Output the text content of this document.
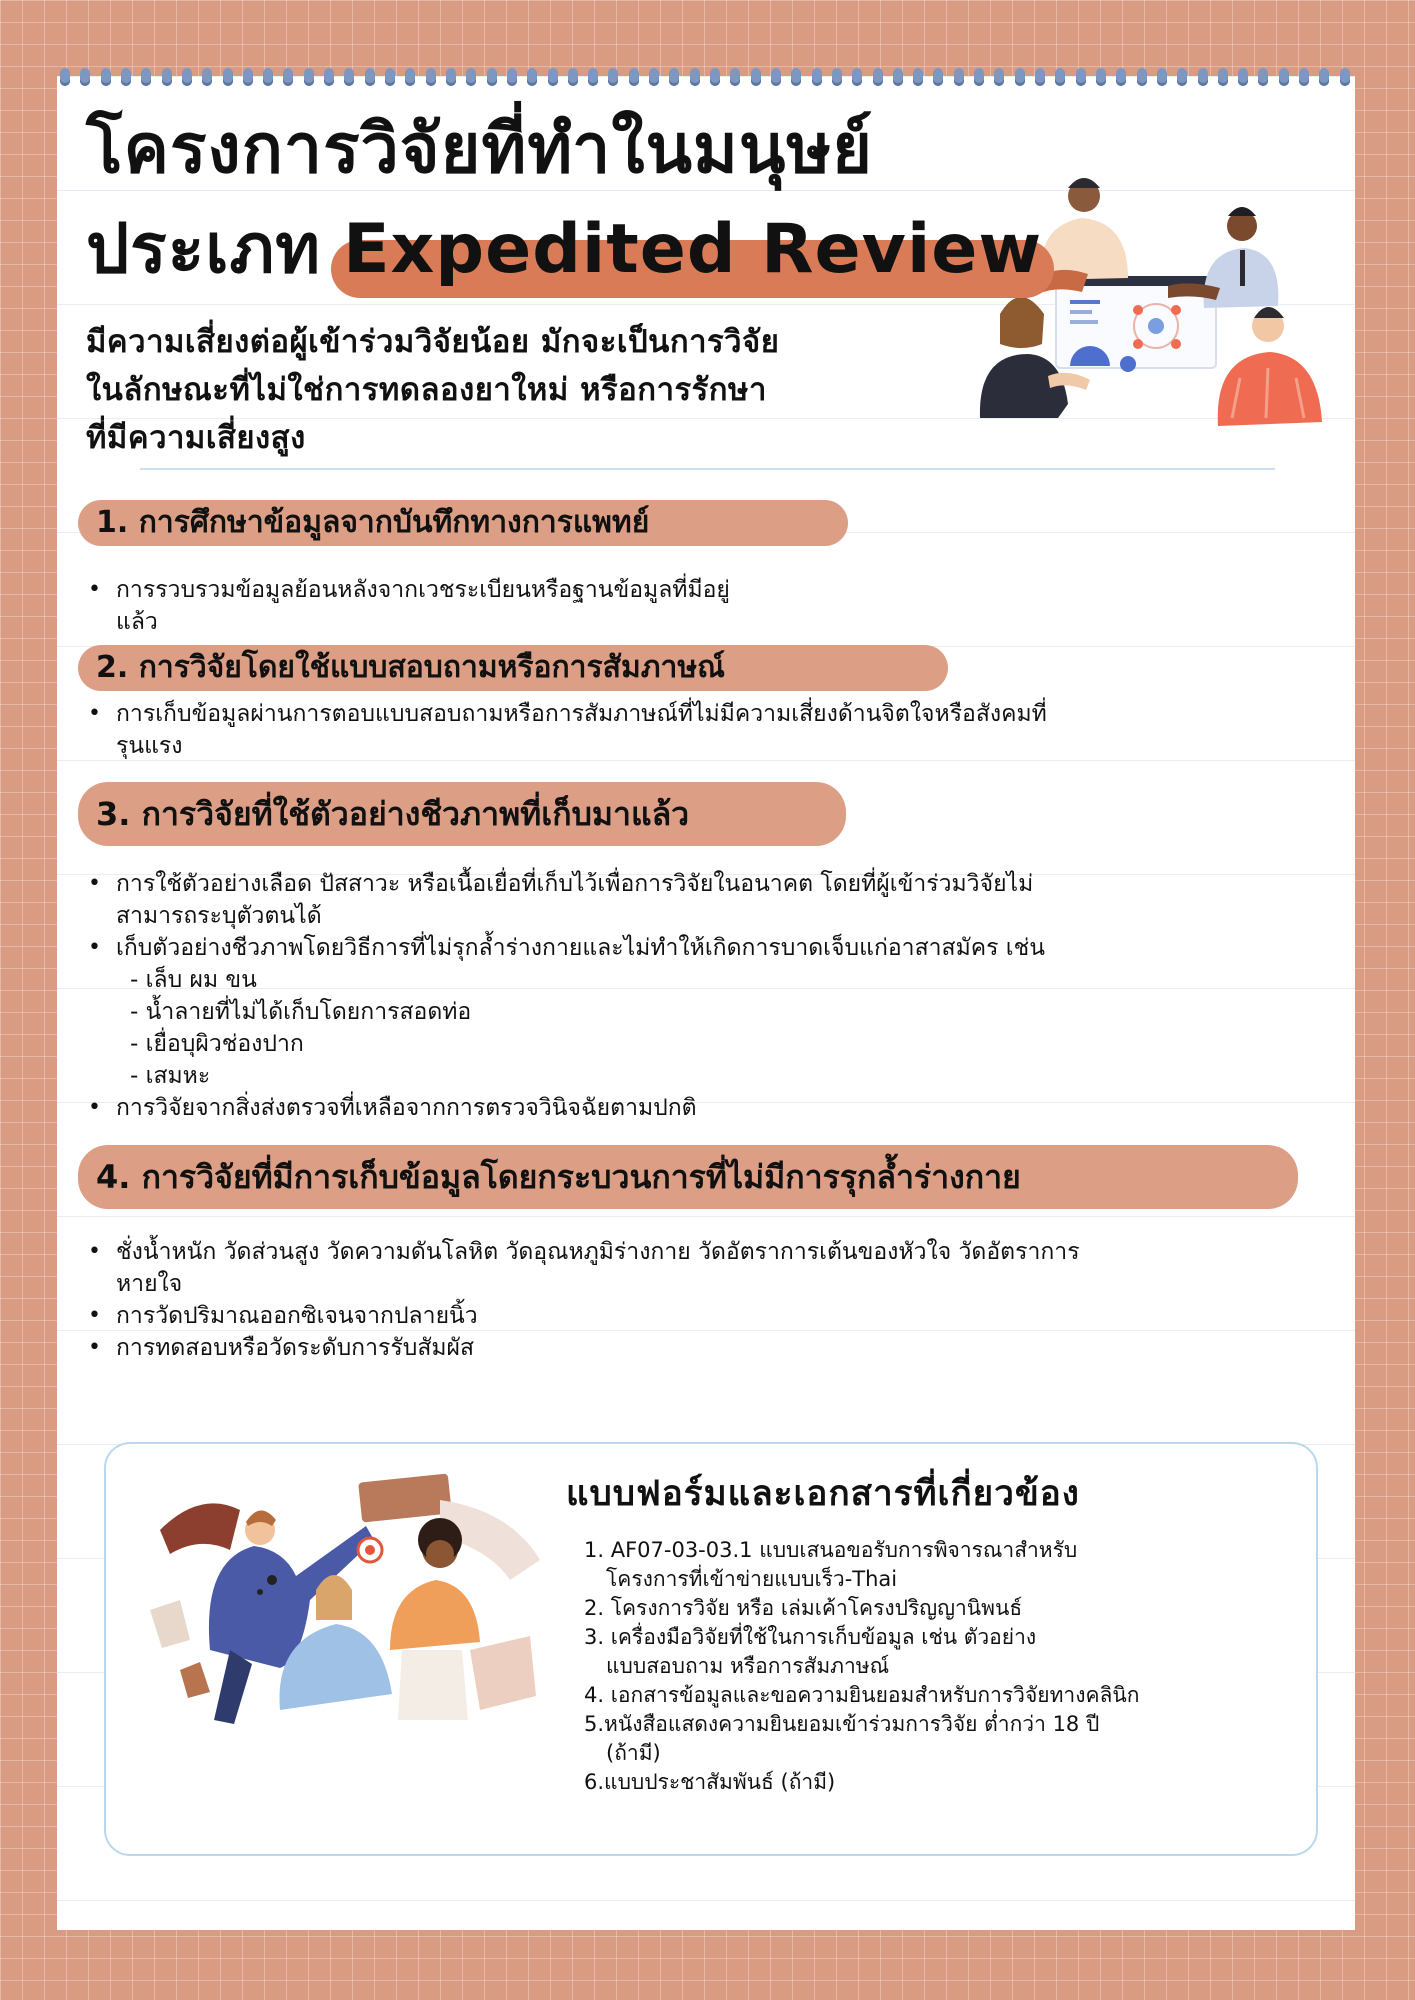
โครงการวิจัยที่ทำในมนุษย์
ประเภท Expedited Review
มีความเสี่ยงต่อผู้เข้าร่วมวิจัยน้อย มักจะเป็นการวิจัย
ในลักษณะที่ไม่ใช่การทดลองยาใหม่ หรือการรักษา
ที่มีความเสี่ยงสูง
1. การศึกษาข้อมูลจากบันทึกทางการแพทย์
• การรวบรวมข้อมูลย้อนหลังจากเวชระเบียนหรือฐานข้อมูลที่มีอยู่
แล้ว
2. การวิจัยโดยใช้แบบสอบถามหรือการสัมภาษณ์
• การเก็บข้อมูลผ่านการตอบแบบสอบถามหรือการสัมภาษณ์ที่ไม่มีความเสี่ยงด้านจิตใจหรือสังคมที่
รุนแรง
3. การวิจัยที่ใช้ตัวอย่างชีวภาพที่เก็บมาแล้ว
• การใช้ตัวอย่างเลือด ปัสสาวะ หรือเนื้อเยื่อที่เก็บไว้เพื่อการวิจัยในอนาคต โดยที่ผู้เข้าร่วมวิจัยไม่
สามารถระบุตัวตนได้
• เก็บตัวอย่างชีวภาพโดยวิธีการที่ไม่รุกล้ำร่างกายและไม่ทำให้เกิดการบาดเจ็บแก่อาสาสมัคร เช่น
- เล็บ ผม ขน
- น้ำลายที่ไม่ได้เก็บโดยการสอดท่อ
- เยื่อบุผิวช่องปาก
- เสมหะ
• การวิจัยจากสิ่งส่งตรวจที่เหลือจากการตรวจวินิจฉัยตามปกติ
4. การวิจัยที่มีการเก็บข้อมูลโดยกระบวนการที่ไม่มีการรุกล้ำร่างกาย
• ชั่งน้ำหนัก วัดส่วนสูง วัดความดันโลหิต วัดอุณหภูมิร่างกาย วัดอัตราการเต้นของหัวใจ วัดอัตราการ
หายใจ
• การวัดปริมาณออกซิเจนจากปลายนิ้ว
• การทดสอบหรือวัดระดับการรับสัมผัส
แบบฟอร์มและเอกสารที่เกี่ยวข้อง
1. AF07-03-03.1 แบบเสนอขอรับการพิจารณาสำหรับ
โครงการที่เข้าข่ายแบบเร็ว-Thai
2. โครงการวิจัย หรือ เล่มเค้าโครงปริญญานิพนธ์
3. เครื่องมือวิจัยที่ใช้ในการเก็บข้อมูล เช่น ตัวอย่าง
แบบสอบถาม หรือการสัมภาษณ์
4. เอกสารข้อมูลและขอความยินยอมสำหรับการวิจัยทางคลินิก
5.หนังสือแสดงความยินยอมเข้าร่วมการวิจัย ต่ำกว่า 18 ปี
(ถ้ามี)
6.แบบประชาสัมพันธ์ (ถ้ามี)
